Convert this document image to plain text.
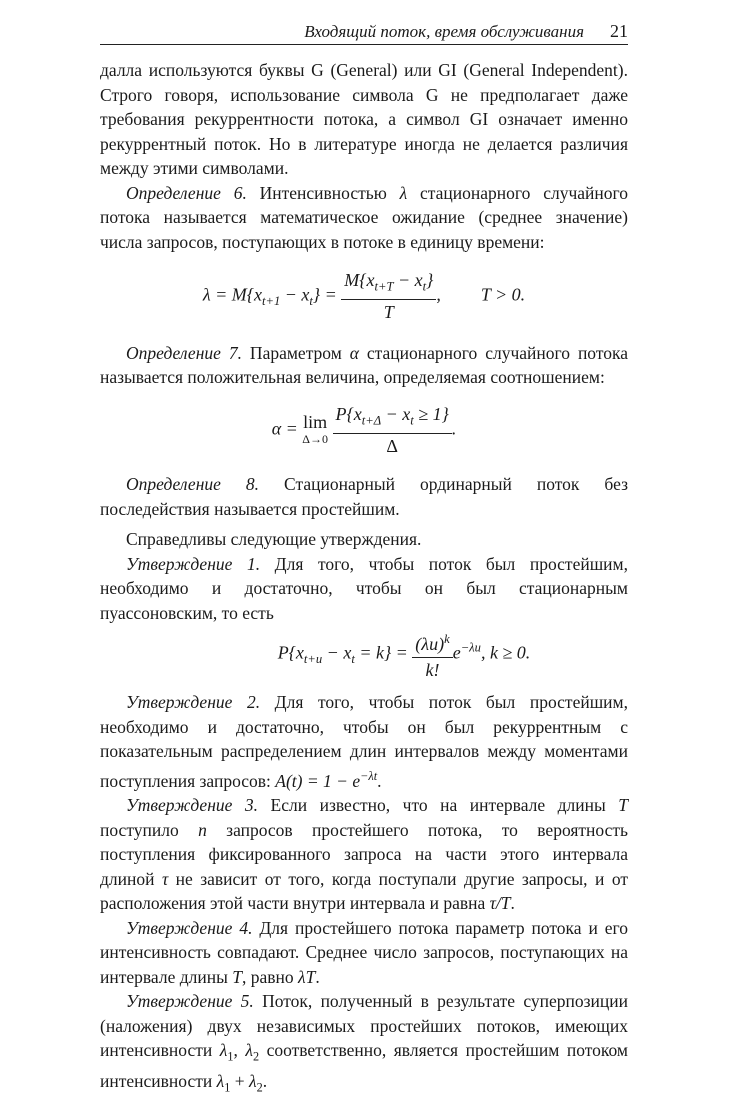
Входящий поток, время обслуживания 21

далла используются буквы G (General) или GI (General Independent). Строго говоря, использование символа G не предполагает даже требования рекуррентности потока, а символ GI означает именно рекуррентный поток. Но в литературе иногда не делается различия между этими символами.

Определение 6. Интенсивностью λ стационарного случайного потока называется математическое ожидание (среднее значение) числа запросов, поступающих в потоке в единицу времени:

$\lambda = M\{x_{t+1} - x_t\} = \frac{M\{x_{t+T} - x_t\}}{T}$ , T > 0.

Определение 7. Параметром α стационарного случайного потока называется положительная величина, определяемая соотношением:

α = lim
Δ→0
$\frac{P\{x_{t+\Delta} - x_t \ge 1\}}{\Delta}$ .

Определение 8. Стационарный ординарный поток без последействия называется простейшим.

Справедливы следующие утверждения.

Утверждение 1. Для того, чтобы поток был простейшим, необходимо и достаточно, чтобы он был стационарным пуассоновским, то есть

$P\{x_{t+u} - x_t = k\} = \frac{(\lambda u)^k}{k!} e^{-\lambda u}$, k ≥ 0.

Утверждение 2. Для того, чтобы поток был простейшим, необходимо и достаточно, чтобы он был рекуррентным с показательным распределением длин интервалов между моментами поступления запросов: $A(t) = 1 - e^{-\lambda t}$.

Утверждение 3. Если известно, что на интервале длины T поступило n запросов простейшего потока, то вероятность поступления фиксированного запроса на части этого интервала длиной τ не зависит от того, когда поступали другие запросы, и от расположения этой части внутри интервала и равна τ/T.

Утверждение 4. Для простейшего потока параметр потока и его интенсивность совпадают. Среднее число запросов, поступающих на интервале длины T, равно λT.

Утверждение 5. Поток, полученный в результате суперпозиции (наложения) двух независимых простейших потоков, имеющих интенсивности $\lambda_1$, $\lambda_2$ соответственно, является простейшим потоком интенсивности $\lambda_1 + \lambda_2$.
